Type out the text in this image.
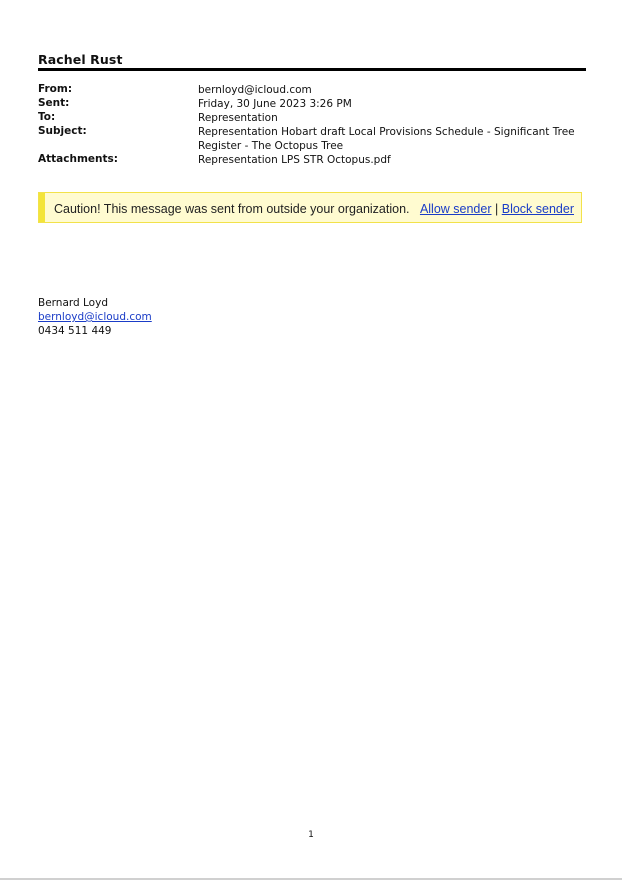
Rachel Rust
From:	bernloyd@icloud.com
Sent:	Friday, 30 June 2023 3:26 PM
To:	Representation
Subject:	Representation Hobart draft Local Provisions Schedule - Significant Tree Register - The Octopus Tree
Attachments:	Representation LPS STR Octopus.pdf
Caution! This message was sent from outside your organization. Allow sender | Block sender
Bernard Loyd
bernloyd@icloud.com
0434 511 449
1
